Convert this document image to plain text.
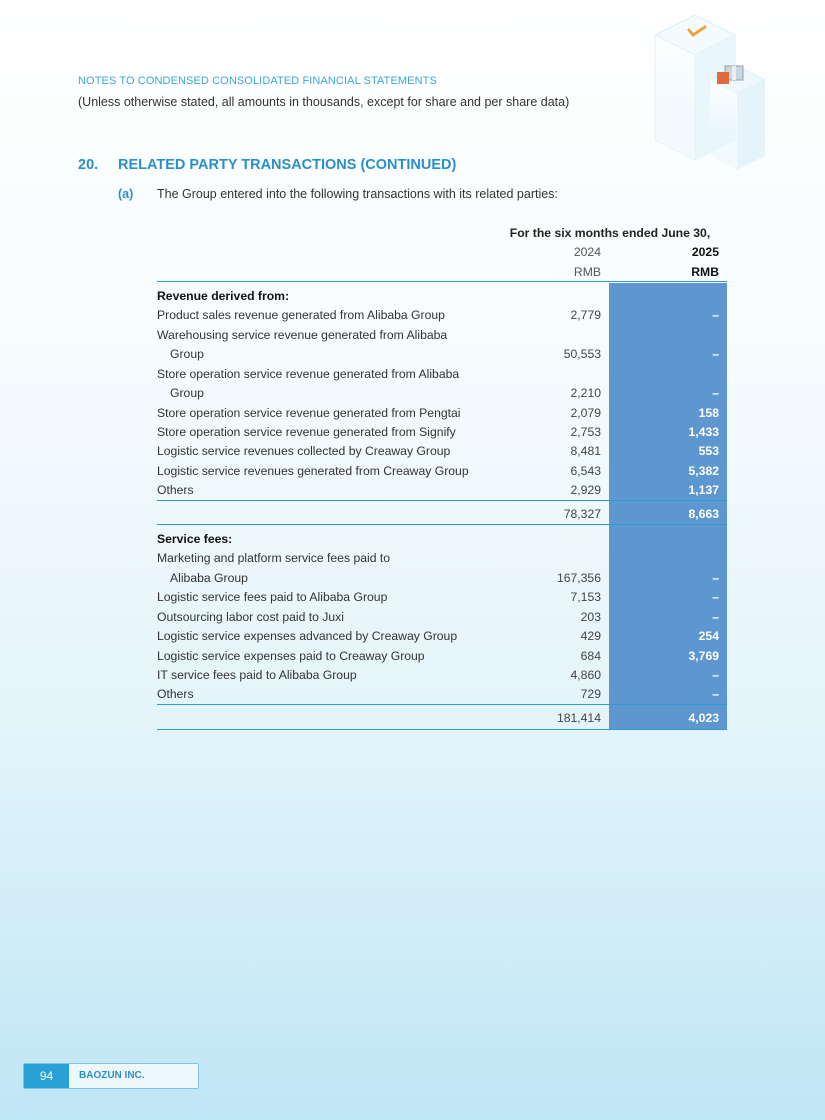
NOTES TO CONDENSED CONSOLIDATED FINANCIAL STATEMENTS
(Unless otherwise stated, all amounts in thousands, except for share and per share data)
20. RELATED PARTY TRANSACTIONS (CONTINUED)
(a) The Group entered into the following transactions with its related parties:
For the six months ended June 30,
2024
RMB
2025
RMB
Revenue derived from:
Product sales revenue generated from Alibaba Group	2,779	–
Warehousing service revenue generated from Alibaba
Group	50,553	–
Store operation service revenue generated from Alibaba
Group	2,210	–
Store operation service revenue generated from Pengtai	2,079	158
Store operation service revenue generated from Signify	2,753	1,433
Logistic service revenues collected by Creaway Group	8,481	553
Logistic service revenues generated from Creaway Group	6,543	5,382
Others	2,929	1,137
78,327	8,663
Service fees:
Marketing and platform service fees paid to
Alibaba Group	167,356	–
Logistic service fees paid to Alibaba Group	7,153	–
Outsourcing labor cost paid to Juxi	203	–
Logistic service expenses advanced by Creaway Group	429	254
Logistic service expenses paid to Creaway Group	684	3,769
IT service fees paid to Alibaba Group	4,860	–
Others	729	–
181,414	4,023
94	BAOZUN INC.
